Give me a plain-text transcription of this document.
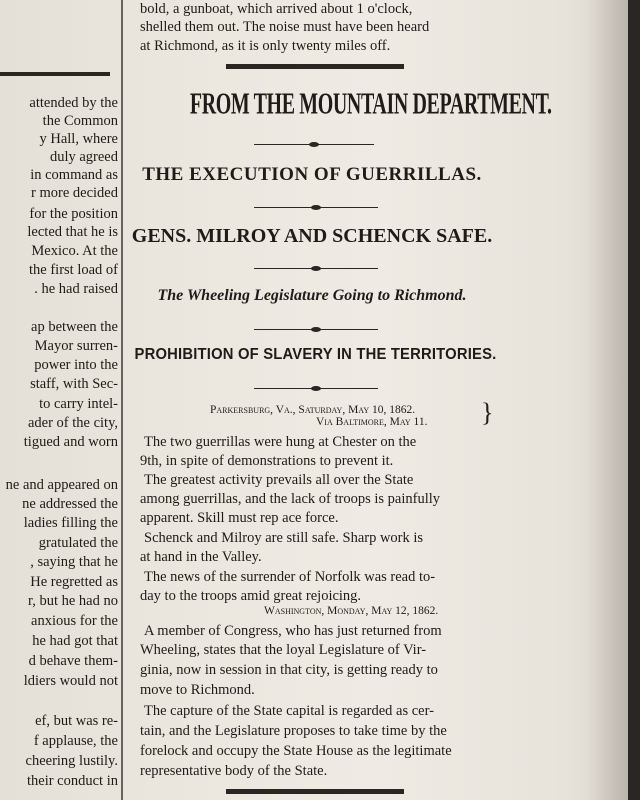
attended by the
the Common
y Hall, where
duly agreed
in command as
r more decided
for the position
lected that he is
Mexico. At the
the first load of
. he had raised
ap between the
Mayor surren-
power into the
staff, with Sec-
to carry intel-
ader of the city,
tigued and worn
ne and appeared on
ne addressed the
ladies filling the
gratulated the
, saying that he
He regretted as
r, but he had no
anxious for the
he had got that
d behave them-
ldiers would not
ef, but was re-
f applause, the
cheering lustily.
their conduct in
bold, a gunboat, which arrived about 1 o'clock,
shelled them out. The noise must have been heard
at Richmond, as it is only twenty miles off.
FROM THE MOUNTAIN DEPARTMENT.
THE EXECUTION OF GUERRILLAS.
GENS. MILROY AND SCHENCK SAFE.
The Wheeling Legislature Going to Richmond.
PROHIBITION OF SLAVERY IN THE TERRITORIES.
Parkersburg, Va., Saturday, May 10, 1862.
Via Baltimore, May 11. }
The two guerrillas were hung at Chester on the
9th, in spite of demonstrations to prevent it.
The greatest activity prevails all over the State
among guerrillas, and the lack of troops is painfully
apparent. Skill must rep ace force.
Schenck and Milroy are still safe. Sharp work is
at hand in the Valley.
The news of the surrender of Norfolk was read to-
day to the troops amid great rejoicing.
Washington, Monday, May 12, 1862.
A member of Congress, who has just returned from
Wheeling, states that the loyal Legislature of Vir-
ginia, now in session in that city, is getting ready to
move to Richmond.
The capture of the State capital is regarded as cer-
tain, and the Legislature proposes to take time by the
forelock and occupy the State House as the legitimate
representative body of the State.
